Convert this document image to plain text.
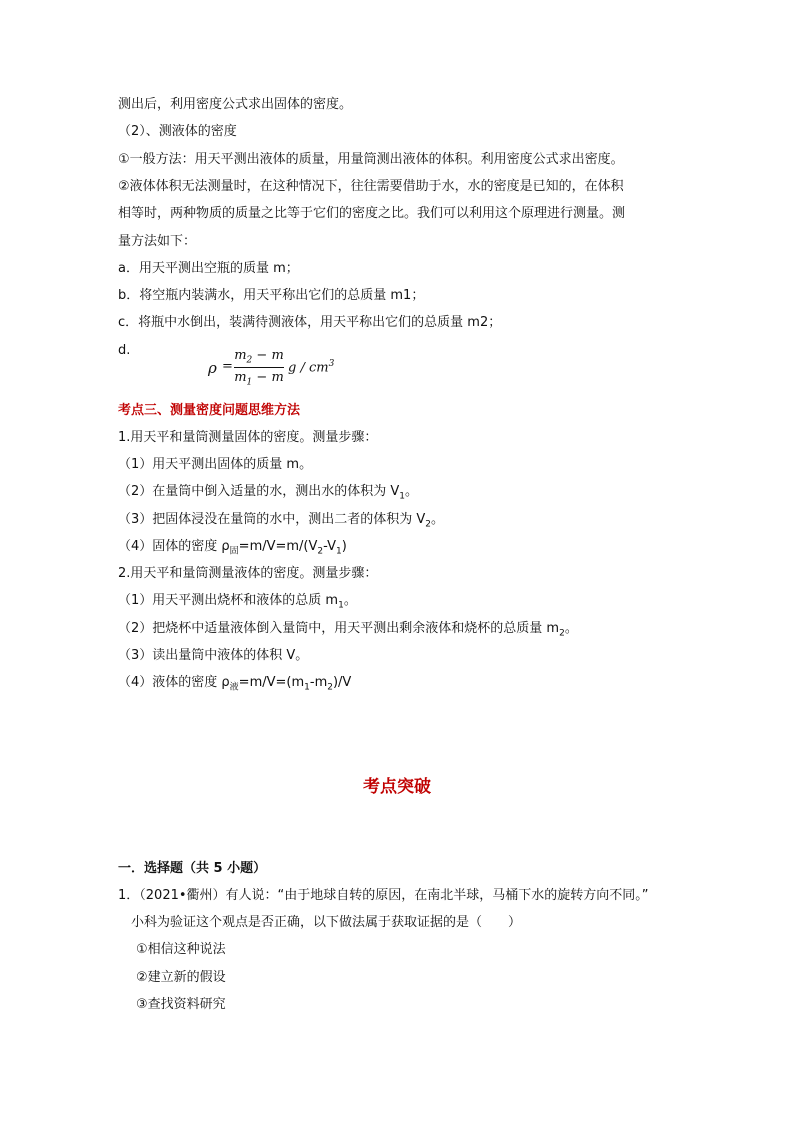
测出后，利用密度公式求出固体的密度。
（2）、测液体的密度
①一般方法：用天平测出液体的质量，用量筒测出液体的体积。利用密度公式求出密度。
②液体体积无法测量时，在这种情况下，往往需要借助于水，水的密度是已知的，在体积
相等时，两种物质的质量之比等于它们的密度之比。我们可以利用这个原理进行测量。测
量方法如下：
a．用天平测出空瓶的质量 m；
b．将空瓶内装满水，用天平称出它们的总质量 m1；
c．将瓶中水倒出，装满待测液体，用天平称出它们的总质量 m2；
d.
ρ =
$m_2 - m$
$m_1 - m$
g / $cm^3$
考点三、测量密度问题思维方法
1.用天平和量筒测量固体的密度。测量步骤：
（1）用天平测出固体的质量 m。
（2）在量筒中倒入适量的水，测出水的体积为 $V_1$。
（3）把固体浸没在量筒的水中，测出二者的体积为 $V_2$。
（4）固体的密度 $\rho_固=m/V=m/(V_2-V_1)$
2.用天平和量筒测量液体的密度。测量步骤：
（1）用天平测出烧杯和液体的总质 $m_1$。
（2）把烧杯中适量液体倒入量筒中，用天平测出剩余液体和烧杯的总质量 $m_2$。
（3）读出量筒中液体的体积 V。
（4）液体的密度 $\rho_液=m/V=(m_1-m_2)/V$
考点突破
一．选择题（共 5 小题）
1．（2021•衢州）有人说：“由于地球自转的原因，在南北半球，马桶下水的旋转方向不同。”
小科为验证这个观点是否正确，以下做法属于获取证据的是（　　）
①相信这种说法
②建立新的假设
③查找资料研究
